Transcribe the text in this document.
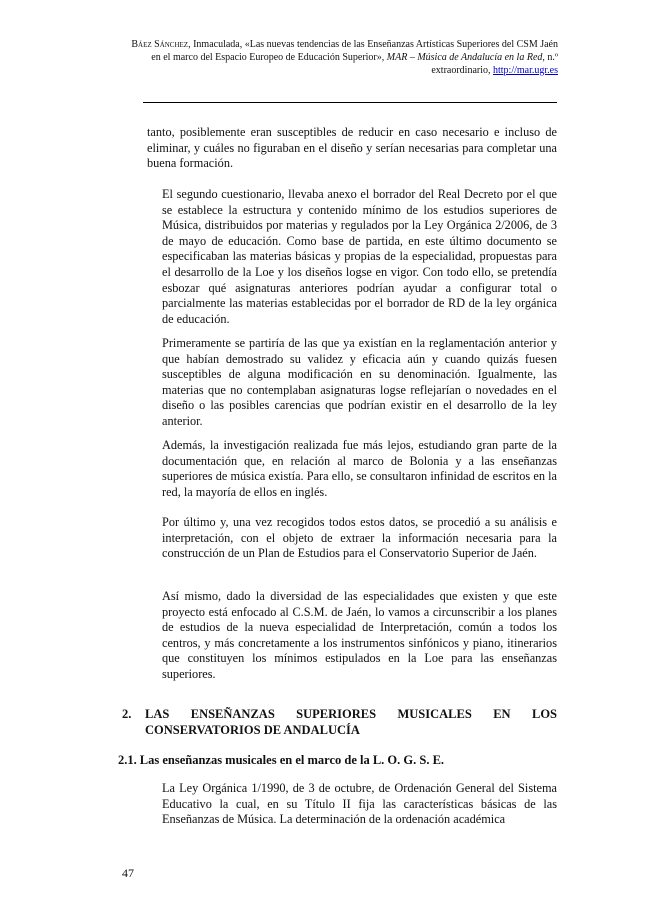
Báez Sánchez, Inmaculada, «Las nuevas tendencias de las Enseñanzas Artísticas Superiores del CSM Jaén en el marco del Espacio Europeo de Educación Superior», MAR – Música de Andalucía en la Red, n.º extraordinario, http://mar.ugr.es

tanto, posiblemente eran susceptibles de reducir en caso necesario e incluso de eliminar, y cuáles no figuraban en el diseño y serían necesarias para completar una buena formación.

El segundo cuestionario, llevaba anexo el borrador del Real Decreto por el que se establece la estructura y contenido mínimo de los estudios superiores de Música, distribuidos por materias y regulados por la Ley Orgánica 2/2006, de 3 de mayo de educación. Como base de partida, en este último documento se especificaban las materias básicas y propias de la especialidad, propuestas para el desarrollo de la Loe y los diseños logse en vigor. Con todo ello, se pretendía esbozar qué asignaturas anteriores podrían ayudar a configurar total o parcialmente las materias establecidas por el borrador de RD de la ley orgánica de educación.

Primeramente se partiría de las que ya existían en la reglamentación anterior y que habían demostrado su validez y eficacia aún y cuando quizás fuesen susceptibles de alguna modificación en su denominación. Igualmente, las materias que no contemplaban asignaturas logse reflejarían o novedades en el diseño o las posibles carencias que podrían existir en el desarrollo de la ley anterior.

Además, la investigación realizada fue más lejos, estudiando gran parte de la documentación que, en relación al marco de Bolonia y a las enseñanzas superiores de música existía. Para ello, se consultaron infinidad de escritos en la red, la mayoría de ellos en inglés.

Por último y, una vez recogidos todos estos datos, se procedió a su análisis e interpretación, con el objeto de extraer la información necesaria para la construcción de un Plan de Estudios para el Conservatorio Superior de Jaén.

Así mismo, dado la diversidad de las especialidades que existen y que este proyecto está enfocado al C.S.M. de Jaén, lo vamos a circunscribir a los planes de estudios de la nueva especialidad de Interpretación, común a todos los centros, y más concretamente a los instrumentos sinfónicos y piano, itinerarios que constituyen los mínimos estipulados en la Loe para las enseñanzas superiores.

2. LAS ENSEÑANZAS SUPERIORES MUSICALES EN LOS
CONSERVATORIOS DE ANDALUCÍA
2.1. Las enseñanzas musicales en el marco de la L. O. G. S. E.

La Ley Orgánica 1/1990, de 3 de octubre, de Ordenación General del Sistema Educativo la cual, en su Título II fija las características básicas de las Enseñanzas de Música. La determinación de la ordenación académica

47
